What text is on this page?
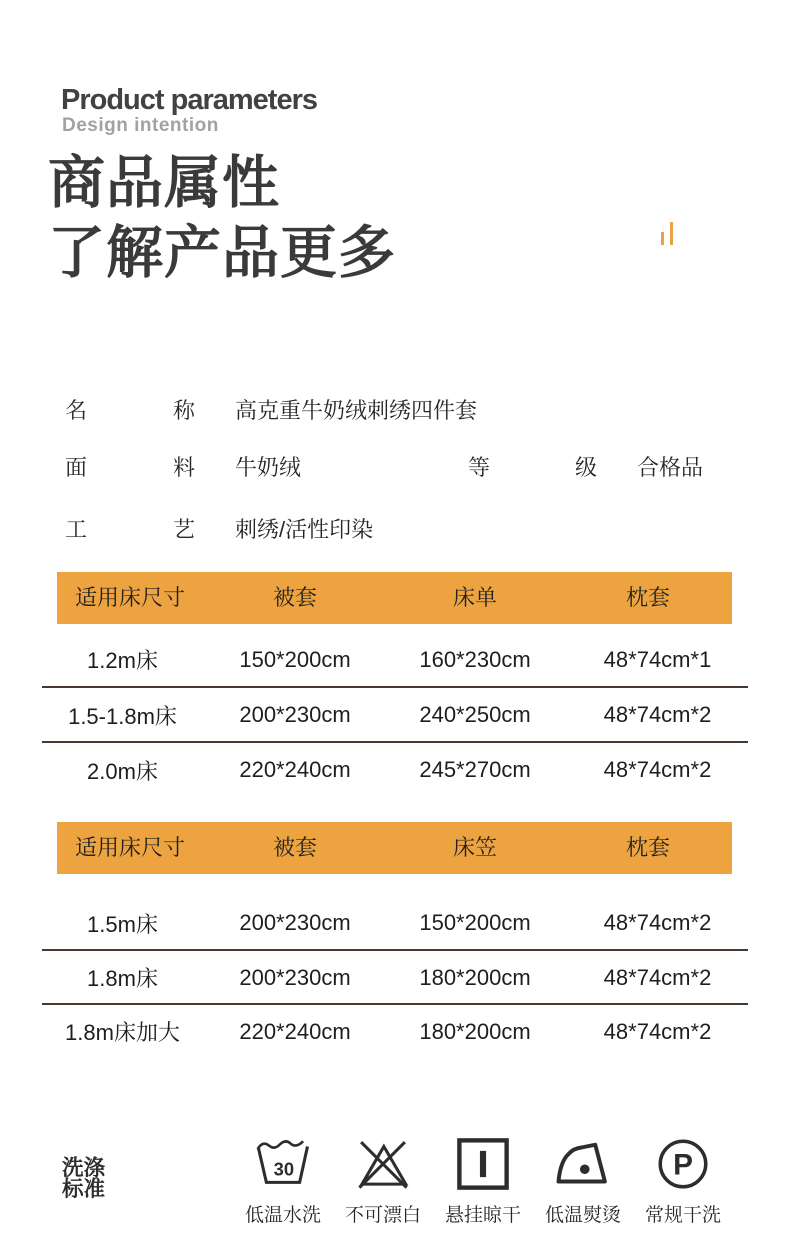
Product parameters
Design intention
商品属性
了解产品更多
名	称 高克重牛奶绒刺绣四件套
面	料 牛奶绒	等	级 合格品
工	艺 刺绣/活性印染
适用床尺寸	被套	床单	枕套
1.2m床	150*200cm	160*230cm	48*74cm*1
1.5-1.8m床	200*230cm	240*250cm	48*74cm*2
2.0m床	220*240cm	245*270cm	48*74cm*2
适用床尺寸	被套	床笠	枕套
1.5m床	200*230cm	150*200cm	48*74cm*2
1.8m床	200*230cm	180*200cm	48*74cm*2
1.8m床加大	220*240cm	180*200cm	48*74cm*2
洗涤
标准
30
低温水洗 不可漂白 悬挂晾干 低温熨烫
P
常规干洗
